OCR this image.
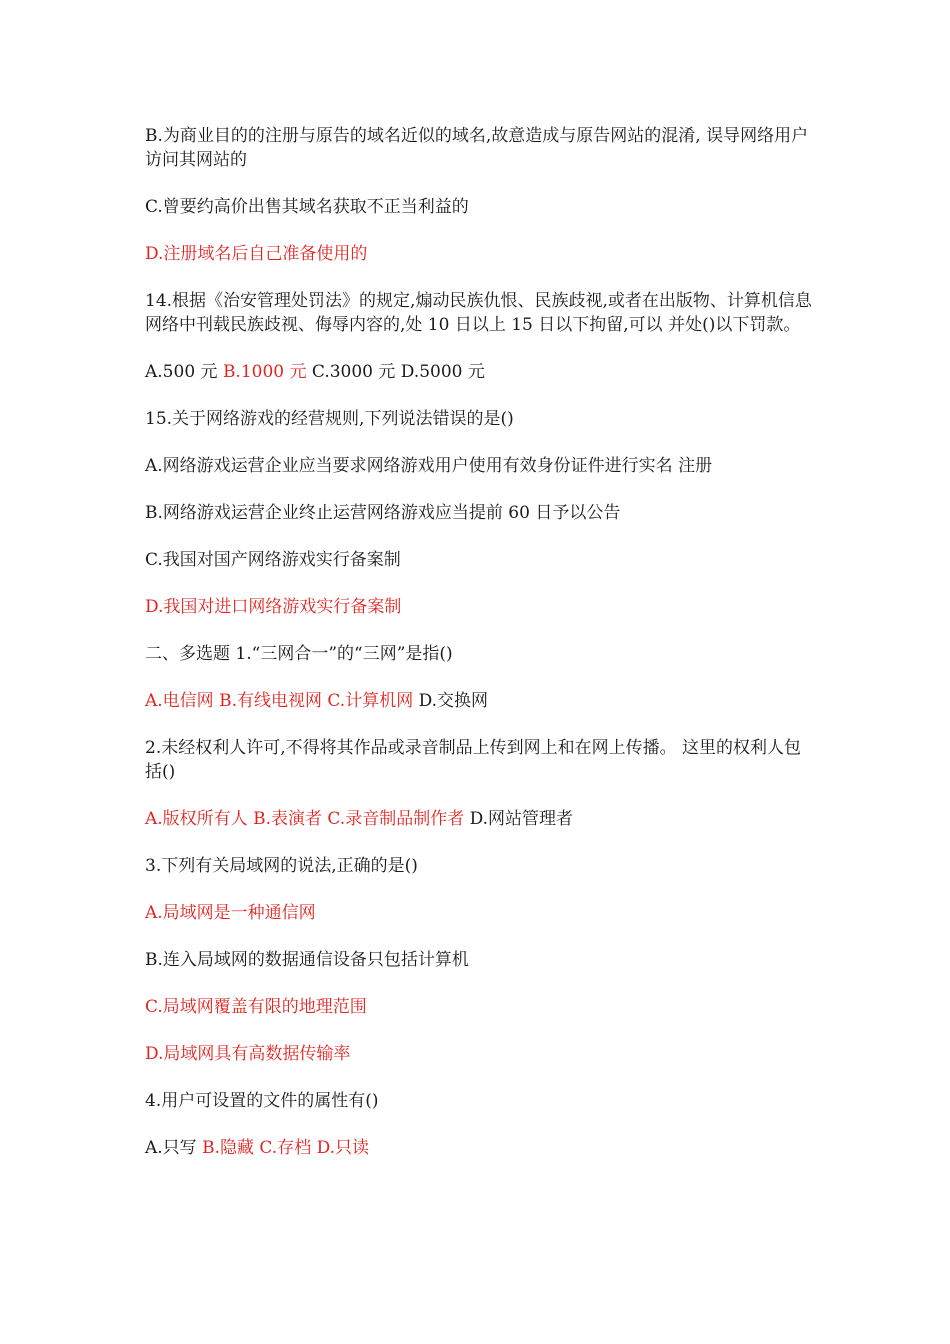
B.为商业目的的注册与原告的域名近似的域名,故意造成与原告网站的混淆, 误导网络用户访问其网站的

C.曾要约高价出售其域名获取不正当利益的

D.注册域名后自己准备使用的

14.根据《治安管理处罚法》的规定,煽动民族仇恨、民族歧视,或者在出版物、计算机信息网络中刊载民族歧视、侮辱内容的,处 10 日以上 15 日以下拘留,可以 并处()以下罚款。

A.500 元 B.1000 元 C.3000 元 D.5000 元

15.关于网络游戏的经营规则,下列说法错误的是()

A.网络游戏运营企业应当要求网络游戏用户使用有效身份证件进行实名 注册

B.网络游戏运营企业终止运营网络游戏应当提前 60 日予以公告

C.我国对国产网络游戏实行备案制

D.我国对进口网络游戏实行备案制

二、多选题 1.“三网合一”的“三网”是指()

A.电信网 B.有线电视网 C.计算机网 D.交换网

2.未经权利人许可,不得将其作品或录音制品上传到网上和在网上传播。 这里的权利人包括()

A.版权所有人 B.表演者 C.录音制品制作者 D.网站管理者

3.下列有关局域网的说法,正确的是()

A.局域网是一种通信网

B.连入局域网的数据通信设备只包括计算机

C.局域网覆盖有限的地理范围

D.局域网具有高数据传输率

4.用户可设置的文件的属性有()

A.只写 B.隐藏 C.存档 D.只读
